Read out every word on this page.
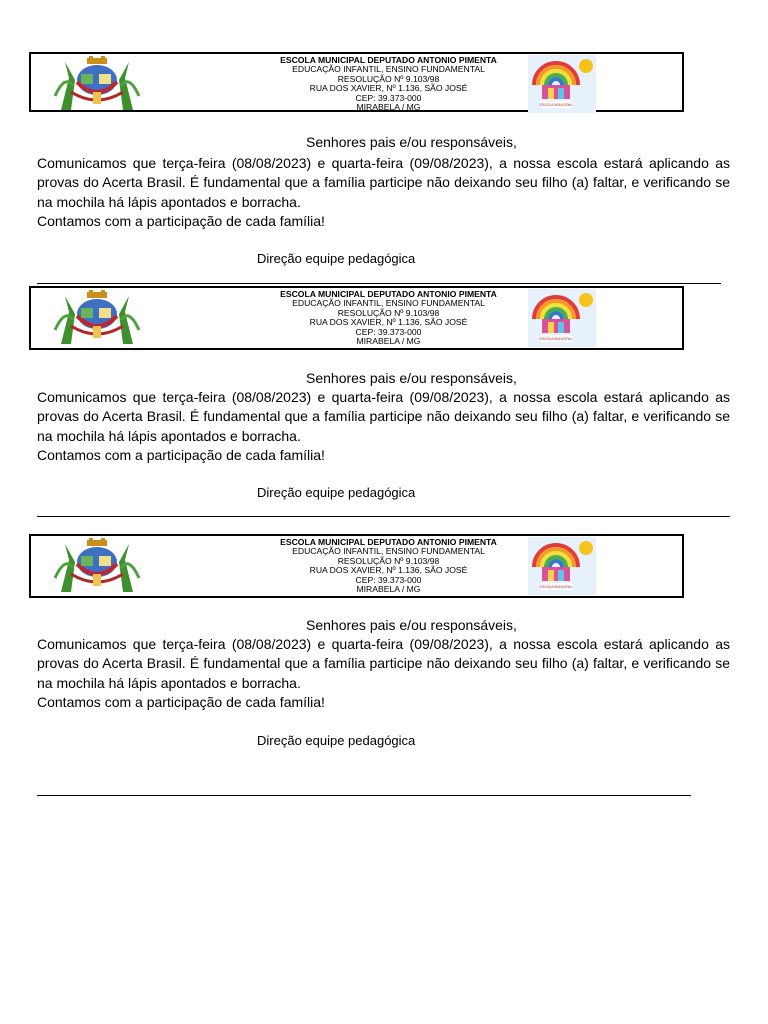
ESCOLA MUNICIPAL DEPUTADO ANTONIO PIMENTA
EDUCAÇÃO INFANTIL, ENSINO FUNDAMENTAL
RESOLUÇÃO Nº 9.103/98
RUA DOS XAVIER, Nº 1.136, SÃO JOSÉ
CEP: 39.373-000
MIRABELA / MG	ESCOLA MUNICIPAL
Senhores pais e/ou responsáveis,

Comunicamos que terça-feira (08/08/2023) e quarta-feira (09/08/2023), a nossa escola estará aplicando as provas do Acerta Brasil. É fundamental que a família participe não deixando seu filho (a) faltar, e verificando se na mochila há lápis apontados e borracha.

Contamos com a participação de cada família!

Direção equipe pedagógica
ESCOLA MUNICIPAL DEPUTADO ANTONIO PIMENTA
EDUCAÇÃO INFANTIL, ENSINO FUNDAMENTAL
RESOLUÇÃO Nº 9.103/98
RUA DOS XAVIER, Nº 1.136, SÃO JOSÉ
CEP: 39.373-000
MIRABELA / MG	ESCOLA MUNICIPAL
Senhores pais e/ou responsáveis,

Comunicamos que terça-feira (08/08/2023) e quarta-feira (09/08/2023), a nossa escola estará aplicando as provas do Acerta Brasil. É fundamental que a família participe não deixando seu filho (a) faltar, e verificando se na mochila há lápis apontados e borracha.

Contamos com a participação de cada família!

Direção equipe pedagógica
ESCOLA MUNICIPAL DEPUTADO ANTONIO PIMENTA
EDUCAÇÃO INFANTIL, ENSINO FUNDAMENTAL
RESOLUÇÃO Nº 9.103/98
RUA DOS XAVIER, Nº 1.136, SÃO JOSÉ
CEP: 39.373-000
MIRABELA / MG	ESCOLA MUNICIPAL
Senhores pais e/ou responsáveis,

Comunicamos que terça-feira (08/08/2023) e quarta-feira (09/08/2023), a nossa escola estará aplicando as provas do Acerta Brasil. É fundamental que a família participe não deixando seu filho (a) faltar, e verificando se na mochila há lápis apontados e borracha.

Contamos com a participação de cada família!

Direção equipe pedagógica
